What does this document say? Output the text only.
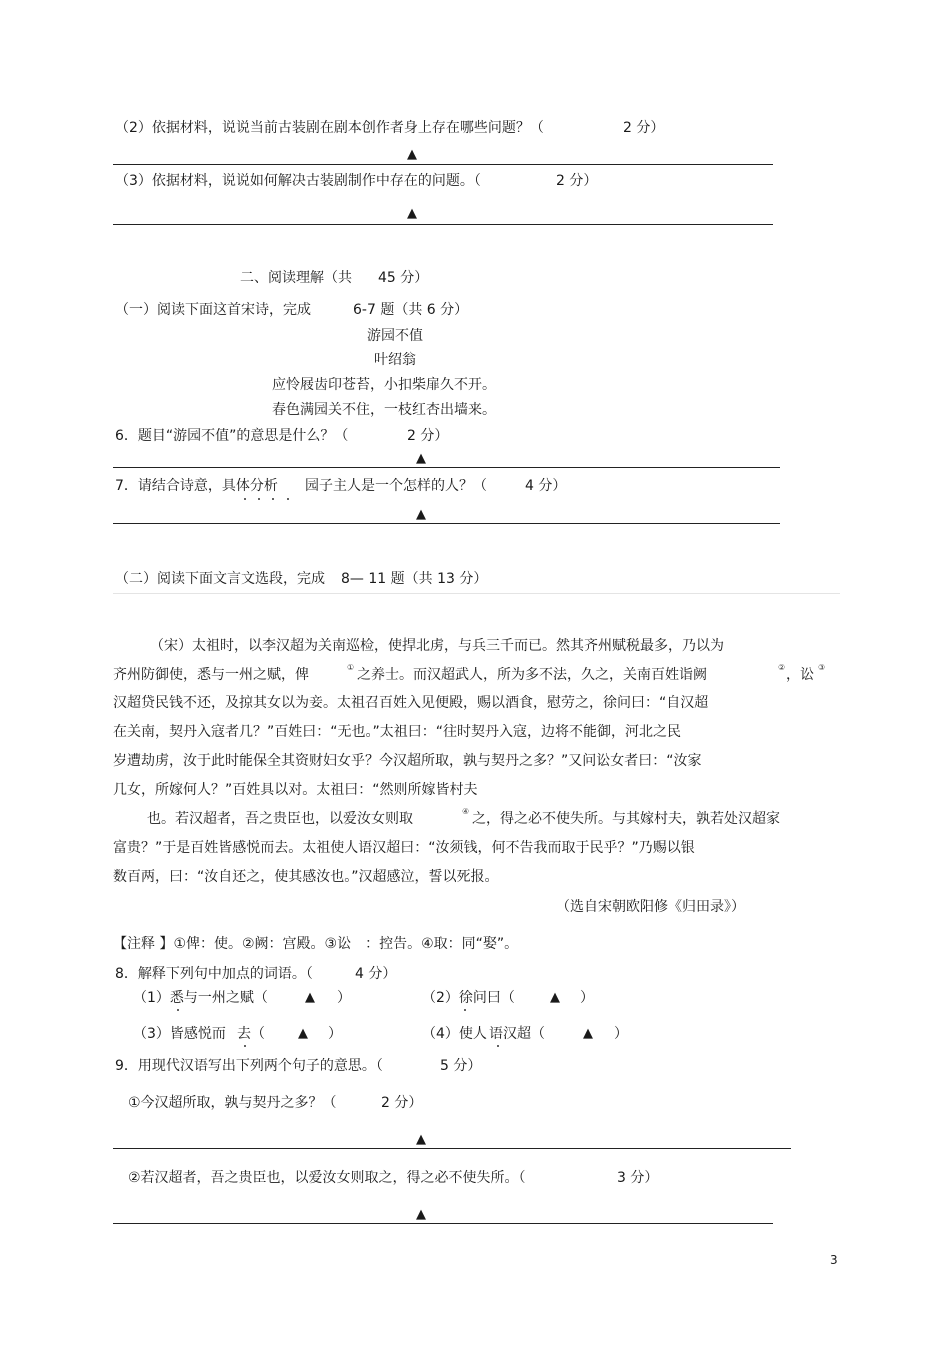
（2）依据材料，说说当前古装剧在剧本创作者身上存在哪些问题？（	2 分）
▲
（3）依据材料，说说如何解决古装剧制作中存在的问题。（	2 分）
▲
二、阅读理解（共 45 分）
（一）阅读下面这首宋诗，完成	6-7 题（共 6 分）
游园不值
叶绍翁
应怜屐齿印苍苔，小扣柴扉久不开。
春色满园关不住，一枝红杏出墙来。
6．题目“游园不值”的意思是什么？（	2 分）
▲
7．请结合诗意，具体分析 园子主人是一个怎样的人？（	4 分）
▲
（二）阅读下面文言文选段，完成 8— 11 题（共 13 分）
（宋）太祖时，以李汉超为关南巡检，使捍北虏，与兵三千而已。然其齐州赋税最多，乃以为
齐州防御使，悉与一州之赋，俾	① 之养士。而汉超武人，所为多不法，久之，关南百姓诣阙	② ，讼 ③
汉超贷民钱不还，及掠其女以为妾。太祖召百姓入见便殿，赐以酒食，慰劳之，徐问曰：“自汉超
在关南，契丹入寇者几？”百姓曰：“无也。”太祖曰：“往时契丹入寇，边将不能御，河北之民
岁遭劫虏，汝于此时能保全其资财妇女乎？今汉超所取，孰与契丹之多？”又问讼女者曰：“汝家
几女，所嫁何人？”百姓具以对。太祖曰：“然则所嫁皆村夫
也。若汉超者，吾之贵臣也，以爱汝女则取	④ 之，得之必不使失所。与其嫁村夫，孰若处汉超家
富贵？”于是百姓皆感悦而去。太祖使人语汉超曰：“汝须钱，何不告我而取于民乎？”乃赐以银
数百两，曰：“汝自还之，使其感汝也。”汉超感泣，誓以死报。
（选自宋朝欧阳修《归田录》）
【注释 】①俾：使。②阙：宫殿。③讼　：控告。④取：同“娶”。
8．解释下列句中加点的词语。（	4 分）
（1）悉与一州之赋（	▲ ）	（2）徐问曰（	▲ ）
（3）皆感悦而 去（	▲ ）	（4）使人 语汉超（	▲ ）
9．用现代汉语写出下列两个句子的意思。（	5 分）
①今汉超所取，孰与契丹之多？（	2 分）
▲
②若汉超者，吾之贵臣也，以爱汝女则取之，得之必不使失所。（	3 分）
▲
3
